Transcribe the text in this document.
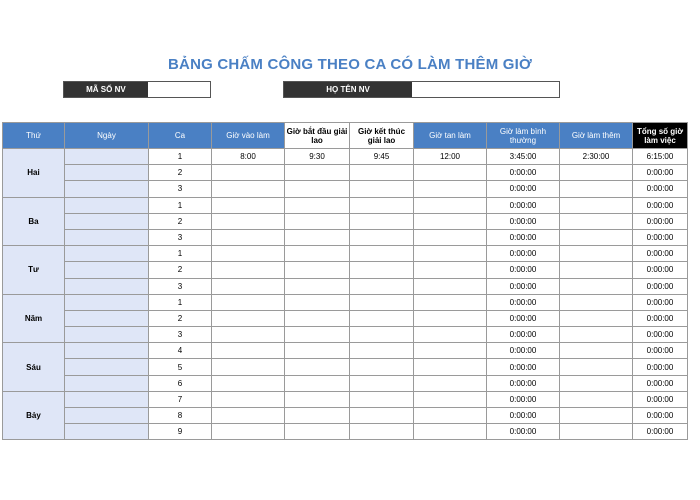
BẢNG CHẤM CÔNG THEO CA CÓ LÀM THÊM GIỜ
MÃ SỐ NV	HỌ TÊN NV
Thứ	Ngày	Ca	Giờ vào làm	Giờ bắt đầu giải lao	Giờ kết thúc giải lao	Giờ tan làm	Giờ làm bình thường	Giờ làm thêm	Tổng số giờ làm việc
Hai		1	8:00	9:30	9:45	12:00	3:45:00	2:30:00	6:15:00
		2					0:00:00		0:00:00
		3					0:00:00		0:00:00
Ba		1					0:00:00		0:00:00
		2					0:00:00		0:00:00
		3					0:00:00		0:00:00
Tư		1					0:00:00		0:00:00
		2					0:00:00		0:00:00
		3					0:00:00		0:00:00
Năm		1					0:00:00		0:00:00
		2					0:00:00		0:00:00
		3					0:00:00		0:00:00
Sáu		4					0:00:00		0:00:00
		5					0:00:00		0:00:00
		6					0:00:00		0:00:00
Bảy		7					0:00:00		0:00:00
		8					0:00:00		0:00:00
		9					0:00:00		0:00:00
